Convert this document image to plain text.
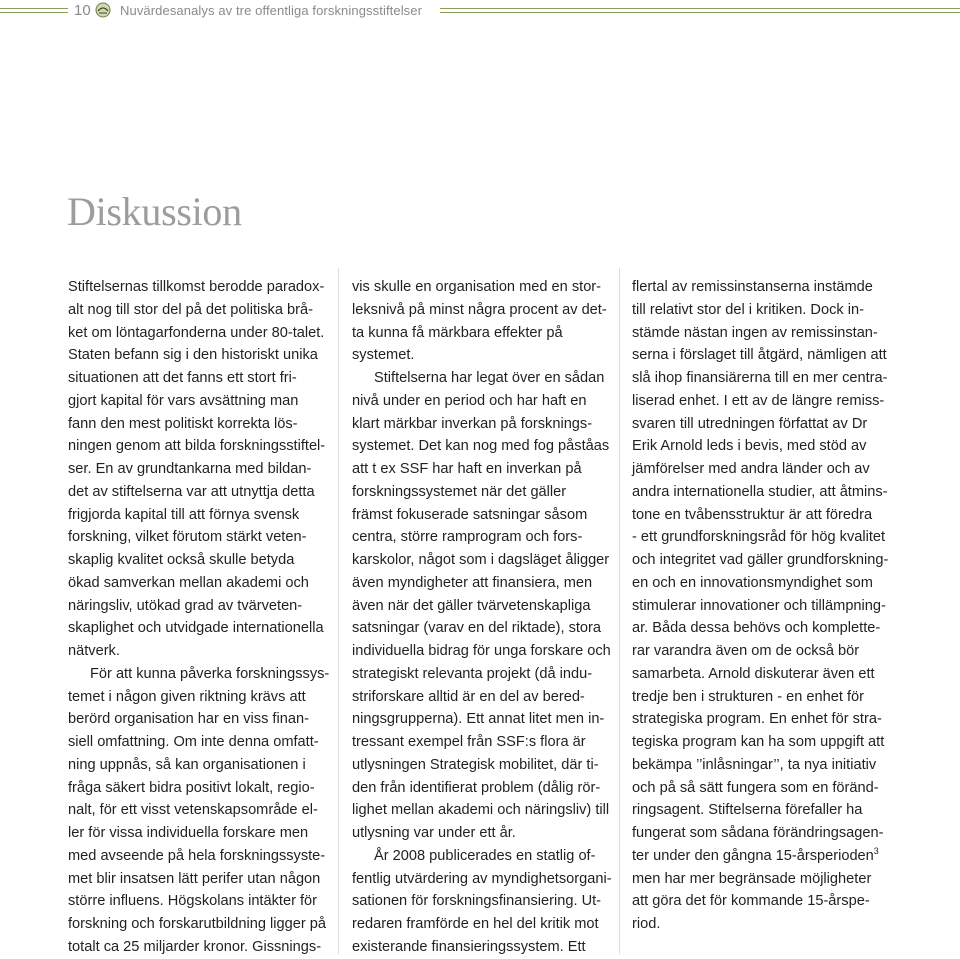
10 Nuvärdesanalys av tre offentliga forskningsstiftelser
Diskussion

Stiftelsernas tillkomst berodde paradox-
alt nog till stor del på det politiska brå-
ket om löntagarfonderna under 80-talet.
Staten befann sig i den historiskt unika
situationen att det fanns ett stort fri-
gjort kapital för vars avsättning man
fann den mest politiskt korrekta lös-
ningen genom att bilda forskningsstiftel-
ser. En av grundtankarna med bildan-
det av stiftelserna var att utnyttja detta
frigjorda kapital till att förnya svensk
forskning, vilket förutom stärkt veten-
skaplig kvalitet också skulle betyda
ökad samverkan mellan akademi och
näringsliv, utökad grad av tvärveten-
skaplighet och utvidgade internationella
nätverk.

För att kunna påverka forskningssys-
temet i någon given riktning krävs att
berörd organisation har en viss finan-
siell omfattning. Om inte denna omfatt-
ning uppnås, så kan organisationen i
fråga säkert bidra positivt lokalt, regio-
nalt, för ett visst vetenskapsområde el-
ler för vissa individuella forskare men
med avseende på hela forskningssyste-
met blir insatsen lätt perifer utan någon
större influens. Högskolans intäkter för
forskning och forskarutbildning ligger på
totalt ca 25 miljarder kronor. Gissnings-

vis skulle en organisation med en stor-
leksnivå på minst några procent av det-
ta kunna få märkbara effekter på
systemet.

Stiftelserna har legat över en sådan
nivå under en period och har haft en
klart märkbar inverkan på forsknings-
systemet. Det kan nog med fog påståas
att t ex SSF har haft en inverkan på
forskningssystemet när det gäller
främst fokuserade satsningar såsom
centra, större ramprogram och fors-
karskolor, något som i dagsläget åligger
även myndigheter att finansiera, men
även när det gäller tvärvetenskapliga
satsningar (varav en del riktade), stora
individuella bidrag för unga forskare och
strategiskt relevanta projekt (då indu-
striforskare alltid är en del av bered-
ningsgrupperna). Ett annat litet men in-
tressant exempel från SSF:s flora är
utlysningen Strategisk mobilitet, där ti-
den från identifierat problem (dålig rör-
lighet mellan akademi och näringsliv) till
utlysning var under ett år.

År 2008 publicerades en statlig of-
fentlig utvärdering av myndighetsorgani-
sationen för forskningsfinansiering. Ut-
redaren framförde en hel del kritik mot
existerande finansieringssystem. Ett

flertal av remissinstanserna instämde
till relativt stor del i kritiken. Dock in-
stämde nästan ingen av remissinstan-
serna i förslaget till åtgärd, nämligen att
slå ihop finansiärerna till en mer centra-
liserad enhet. I ett av de längre remiss-
svaren till utredningen författat av Dr
Erik Arnold leds i bevis, med stöd av
jämförelser med andra länder och av
andra internationella studier, att åtmins-
tone en tvåbensstruktur är att föredra
- ett grundforskningsråd för hög kvalitet
och integritet vad gäller grundforskning-
en och en innovationsmyndighet som
stimulerar innovationer och tillämpning-
ar. Båda dessa behövs och komplette-
rar varandra även om de också bör
samarbeta. Arnold diskuterar även ett
tredje ben i strukturen - en enhet för
strategiska program. En enhet för stra-
tegiska program kan ha som uppgift att
bekämpa ’’inlåsningar’’, ta nya initiativ
och på så sätt fungera som en föränd-
ringsagent. Stiftelserna förefaller ha
fungerat som sådana förändringsagen-
ter under den gångna 15-årsperioden$^3$
men har mer begränsade möjligheter
att göra det för kommande 15-årspe-
riod.
